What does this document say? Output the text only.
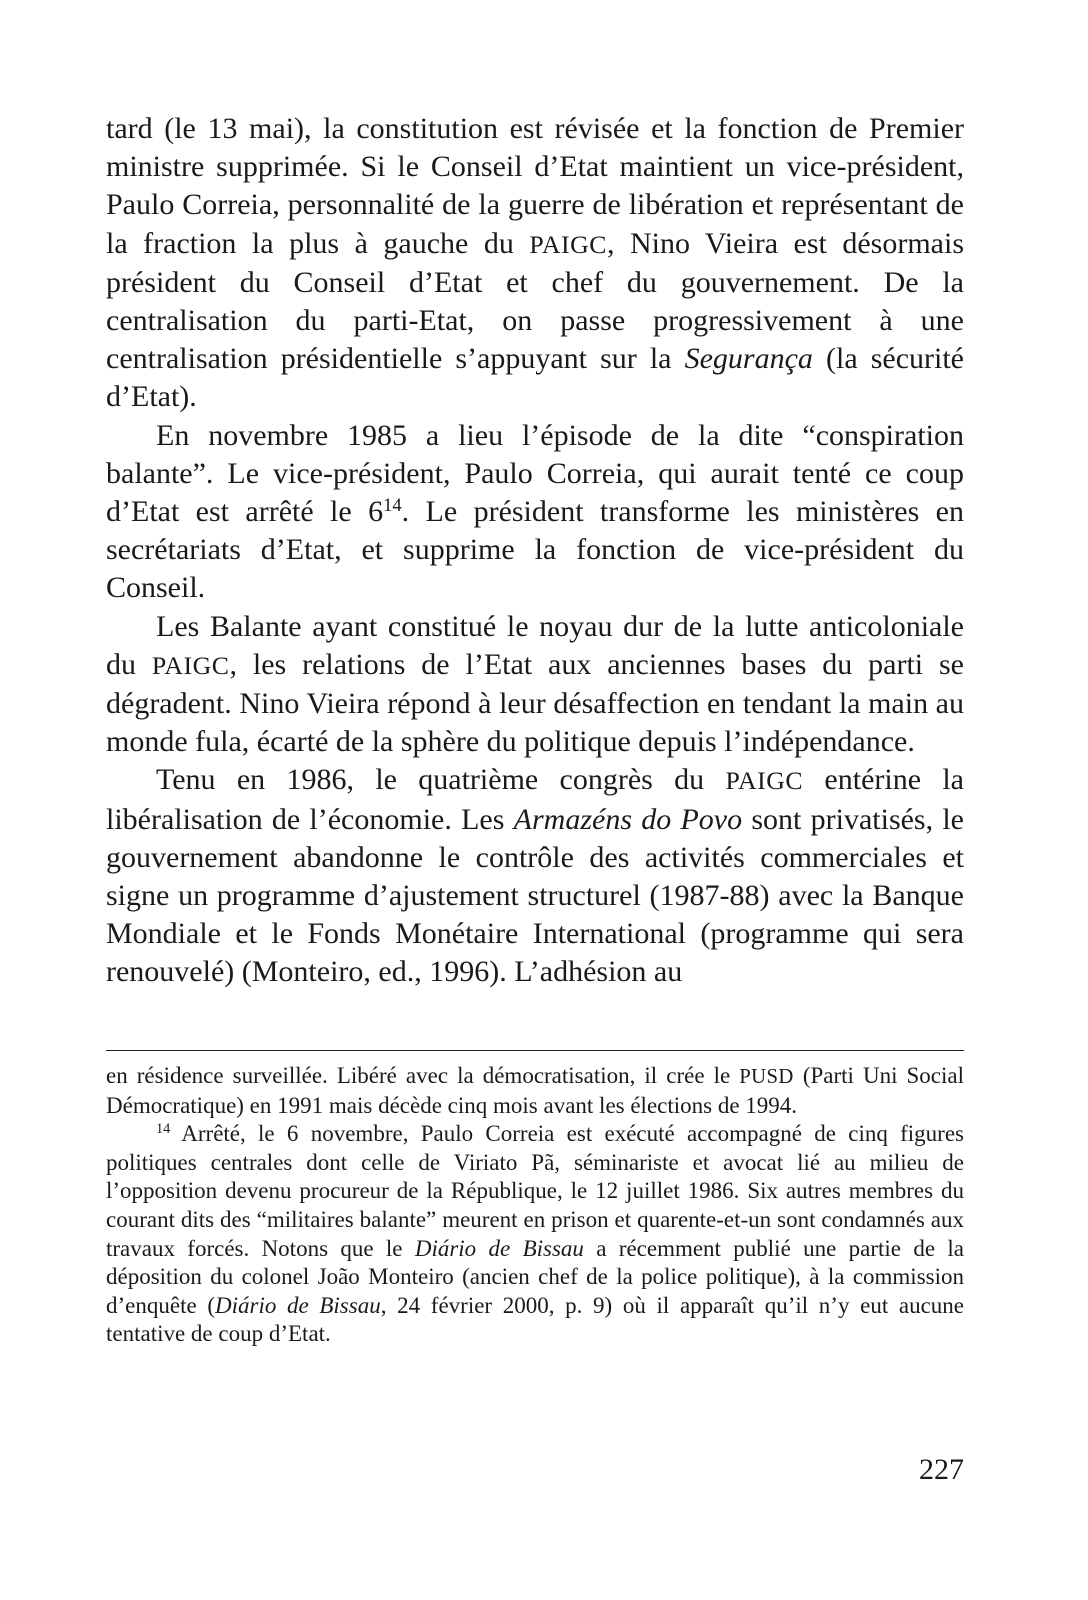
tard (le 13 mai), la constitution est révisée et la fonction de Premier ministre supprimée. Si le Conseil d’Etat maintient un vice-président, Paulo Correia, personnalité de la guerre de libération et représentant de la fraction la plus à gauche du PAIGC, Nino Vieira est désormais président du Conseil d’Etat et chef du gouvernement. De la centralisation du parti-Etat, on passe progressivement à une centralisation présidentielle s’appuyant sur la Segurança (la sécurité d’Etat).

En novembre 1985 a lieu l’épisode de la dite “conspiration balante”. Le vice-président, Paulo Correia, qui aurait tenté ce coup d’Etat est arrêté le $6^{14}$. Le président transforme les ministères en secrétariats d’Etat, et supprime la fonction de vice-président du Conseil.

Les Balante ayant constitué le noyau dur de la lutte anticoloniale du PAIGC, les relations de l’Etat aux anciennes bases du parti se dégradent. Nino Vieira répond à leur désaffection en tendant la main au monde fula, écarté de la sphère du politique depuis l’indépendance.

Tenu en 1986, le quatrième congrès du PAIGC entérine la libéralisation de l’économie. Les Armazéns do Povo sont privatisés, le gouvernement abandonne le contrôle des activités commerciales et signe un programme d’ajustement structurel (1987-88) avec la Banque Mondiale et le Fonds Monétaire International (programme qui sera renouvelé) (Monteiro, ed., 1996). L’adhésion au

en résidence surveillée. Libéré avec la démocratisation, il crée le PUSD (Parti Uni Social Démocratique) en 1991 mais décède cinq mois avant les élections de 1994.

$^{14}$ Arrêté, le 6 novembre, Paulo Correia est exécuté accompagné de cinq figures politiques centrales dont celle de Viriato Pã, séminariste et avocat lié au milieu de l’opposition devenu procureur de la République, le 12 juillet 1986. Six autres membres du courant dits des “militaires balante” meurent en prison et quarente-et-un sont condamnés aux travaux forcés. Notons que le Diário de Bissau a récemment publié une partie de la déposition du colonel João Monteiro (ancien chef de la police politique), à la commission d’enquête (Diário de Bissau, 24 février 2000, p. 9) où il apparaît qu’il n’y eut aucune tentative de coup d’Etat.

227
